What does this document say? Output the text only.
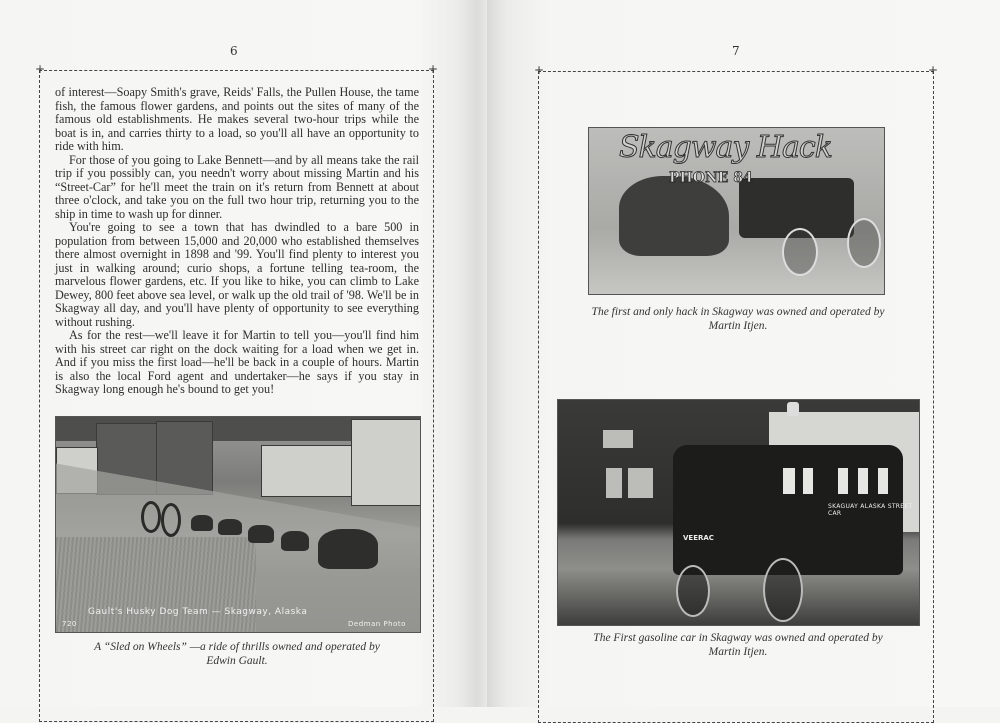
6
+ +

of interest—Soapy Smith's grave, Reids' Falls, the Pullen House, the tame fish, the famous flower gardens, and points out the sites of many of the famous old establishments. He makes several two-hour trips while the boat is in, and carries thirty to a load, so you'll all have an opportunity to ride with him.

For those of you going to Lake Bennett—and by all means take the rail trip if you possibly can, you needn't worry about missing Martin and his “Street-Car” for he'll meet the train on it's return from Bennett at about three o'clock, and take you on the full two hour trip, returning you to the ship in time to wash up for dinner.

You're going to see a town that has dwindled to a bare 500 in population from between 15,000 and 20,000 who established themselves there almost overnight in 1898 and '99. You'll find plenty to interest you just in walking around; curio shops, a fortune telling tea-room, the marvelous flower gardens, etc. If you like to hike, you can climb to Lake Dewey, 800 feet above sea level, or walk up the old trail of '98. We'll be in Skagway all day, and you'll have plenty of opportunity to see everything without rushing.

As for the rest—we'll leave it for Martin to tell you—you'll find him with his street car right on the dock waiting for a load when we get in. And if you miss the first load—he'll be back in a couple of hours. Martin is also the local Ford agent and undertaker—he says if you stay in Skagway long enough he's bound to get you!

Gault's Husky Dog Team — Skagway, Alaska
720	Dedman Photo
A “Sled on Wheels” —a ride of thrills owned and operated by
Edwin Gault.
7
+ +
Skagway Hack
PHONE 84
The first and only hack in Skagway was owned and operated by
Martin Itjen.
SKAGUAY ALASKA STREET CAR
VEERAC
The First gasoline car in Skagway was owned and operated by
Martin Itjen.
